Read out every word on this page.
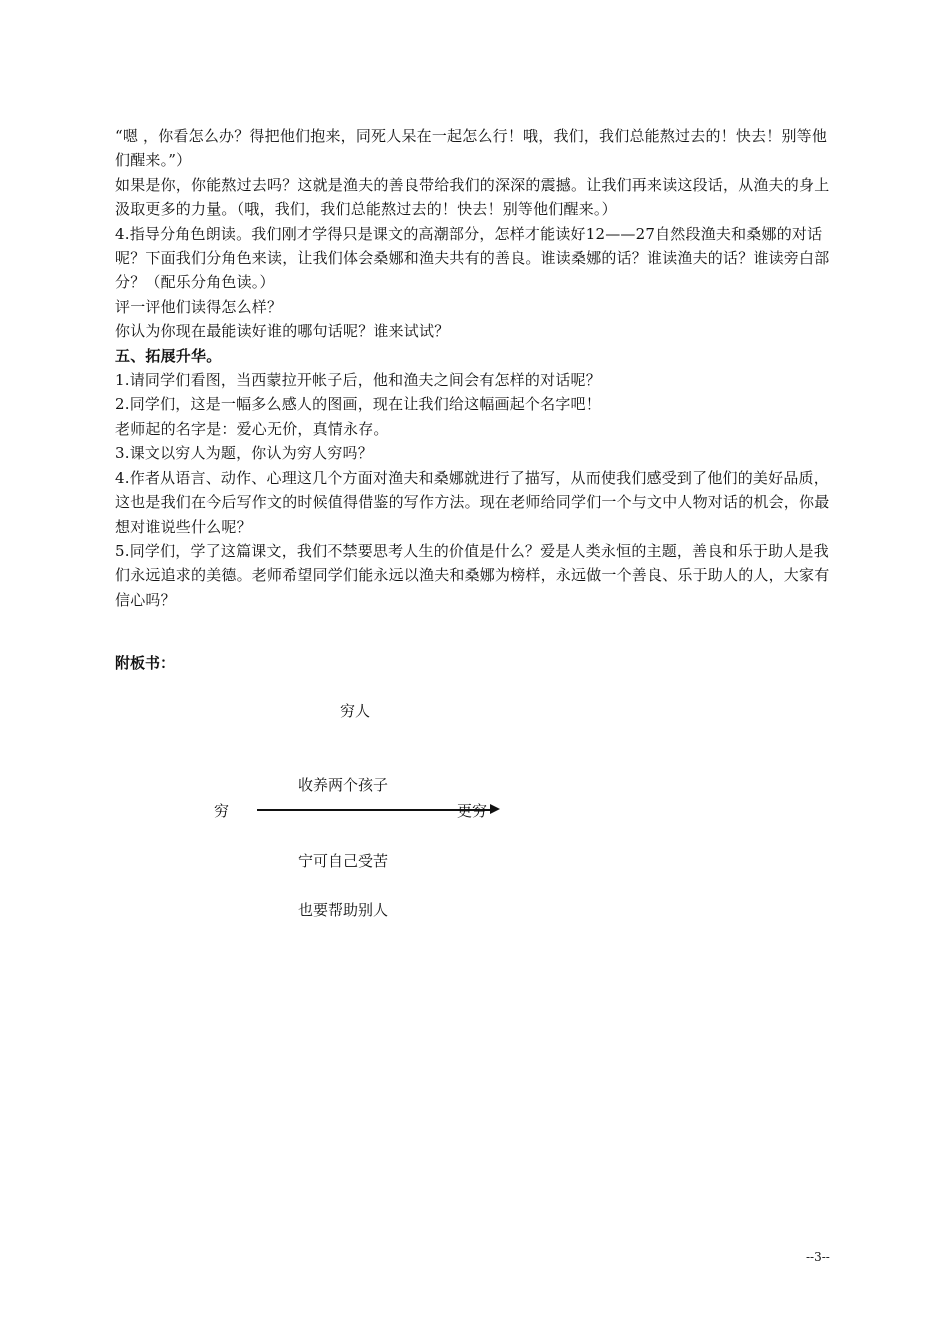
“嗯 ，你看怎么办？得把他们抱来，同死人呆在一起怎么行！哦，我们，我们总能熬过去的！快去！别等他们醒来。”）

如果是你，你能熬过去吗？这就是渔夫的善良带给我们的深深的震撼。让我们再来读这段话，从渔夫的身上汲取更多的力量。（哦，我们，我们总能熬过去的！快去！别等他们醒来。）

4.指导分角色朗读。我们刚才学得只是课文的高潮部分，怎样才能读好12——27自然段渔夫和桑娜的对话呢？下面我们分角色来读，让我们体会桑娜和渔夫共有的善良。谁读桑娜的话？谁读渔夫的话？谁读旁白部分？（配乐分角色读。）

评一评他们读得怎么样？

你认为你现在最能读好谁的哪句话呢？谁来试试？

五、拓展升华。

1.请同学们看图，当西蒙拉开帐子后，他和渔夫之间会有怎样的对话呢？

2.同学们，这是一幅多么感人的图画，现在让我们给这幅画起个名字吧！

老师起的名字是：爱心无价，真情永存。

3.课文以穷人为题，你认为穷人穷吗？

4.作者从语言、动作、心理这几个方面对渔夫和桑娜就进行了描写，从而使我们感受到了他们的美好品质，这也是我们在今后写作文的时候值得借鉴的写作方法。现在老师给同学们一个与文中人物对话的机会，你最想对谁说些什么呢？

5.同学们，学了这篇课文，我们不禁要思考人生的价值是什么？爱是人类永恒的主题，善良和乐于助人是我们永远追求的美德。老师希望同学们能永远以渔夫和桑娜为榜样，永远做一个善良、乐于助人的人，大家有信心吗？

附板书：
穷人
收养两个孩子
穷	更穷
宁可自己受苦
也要帮助别人
--3--
